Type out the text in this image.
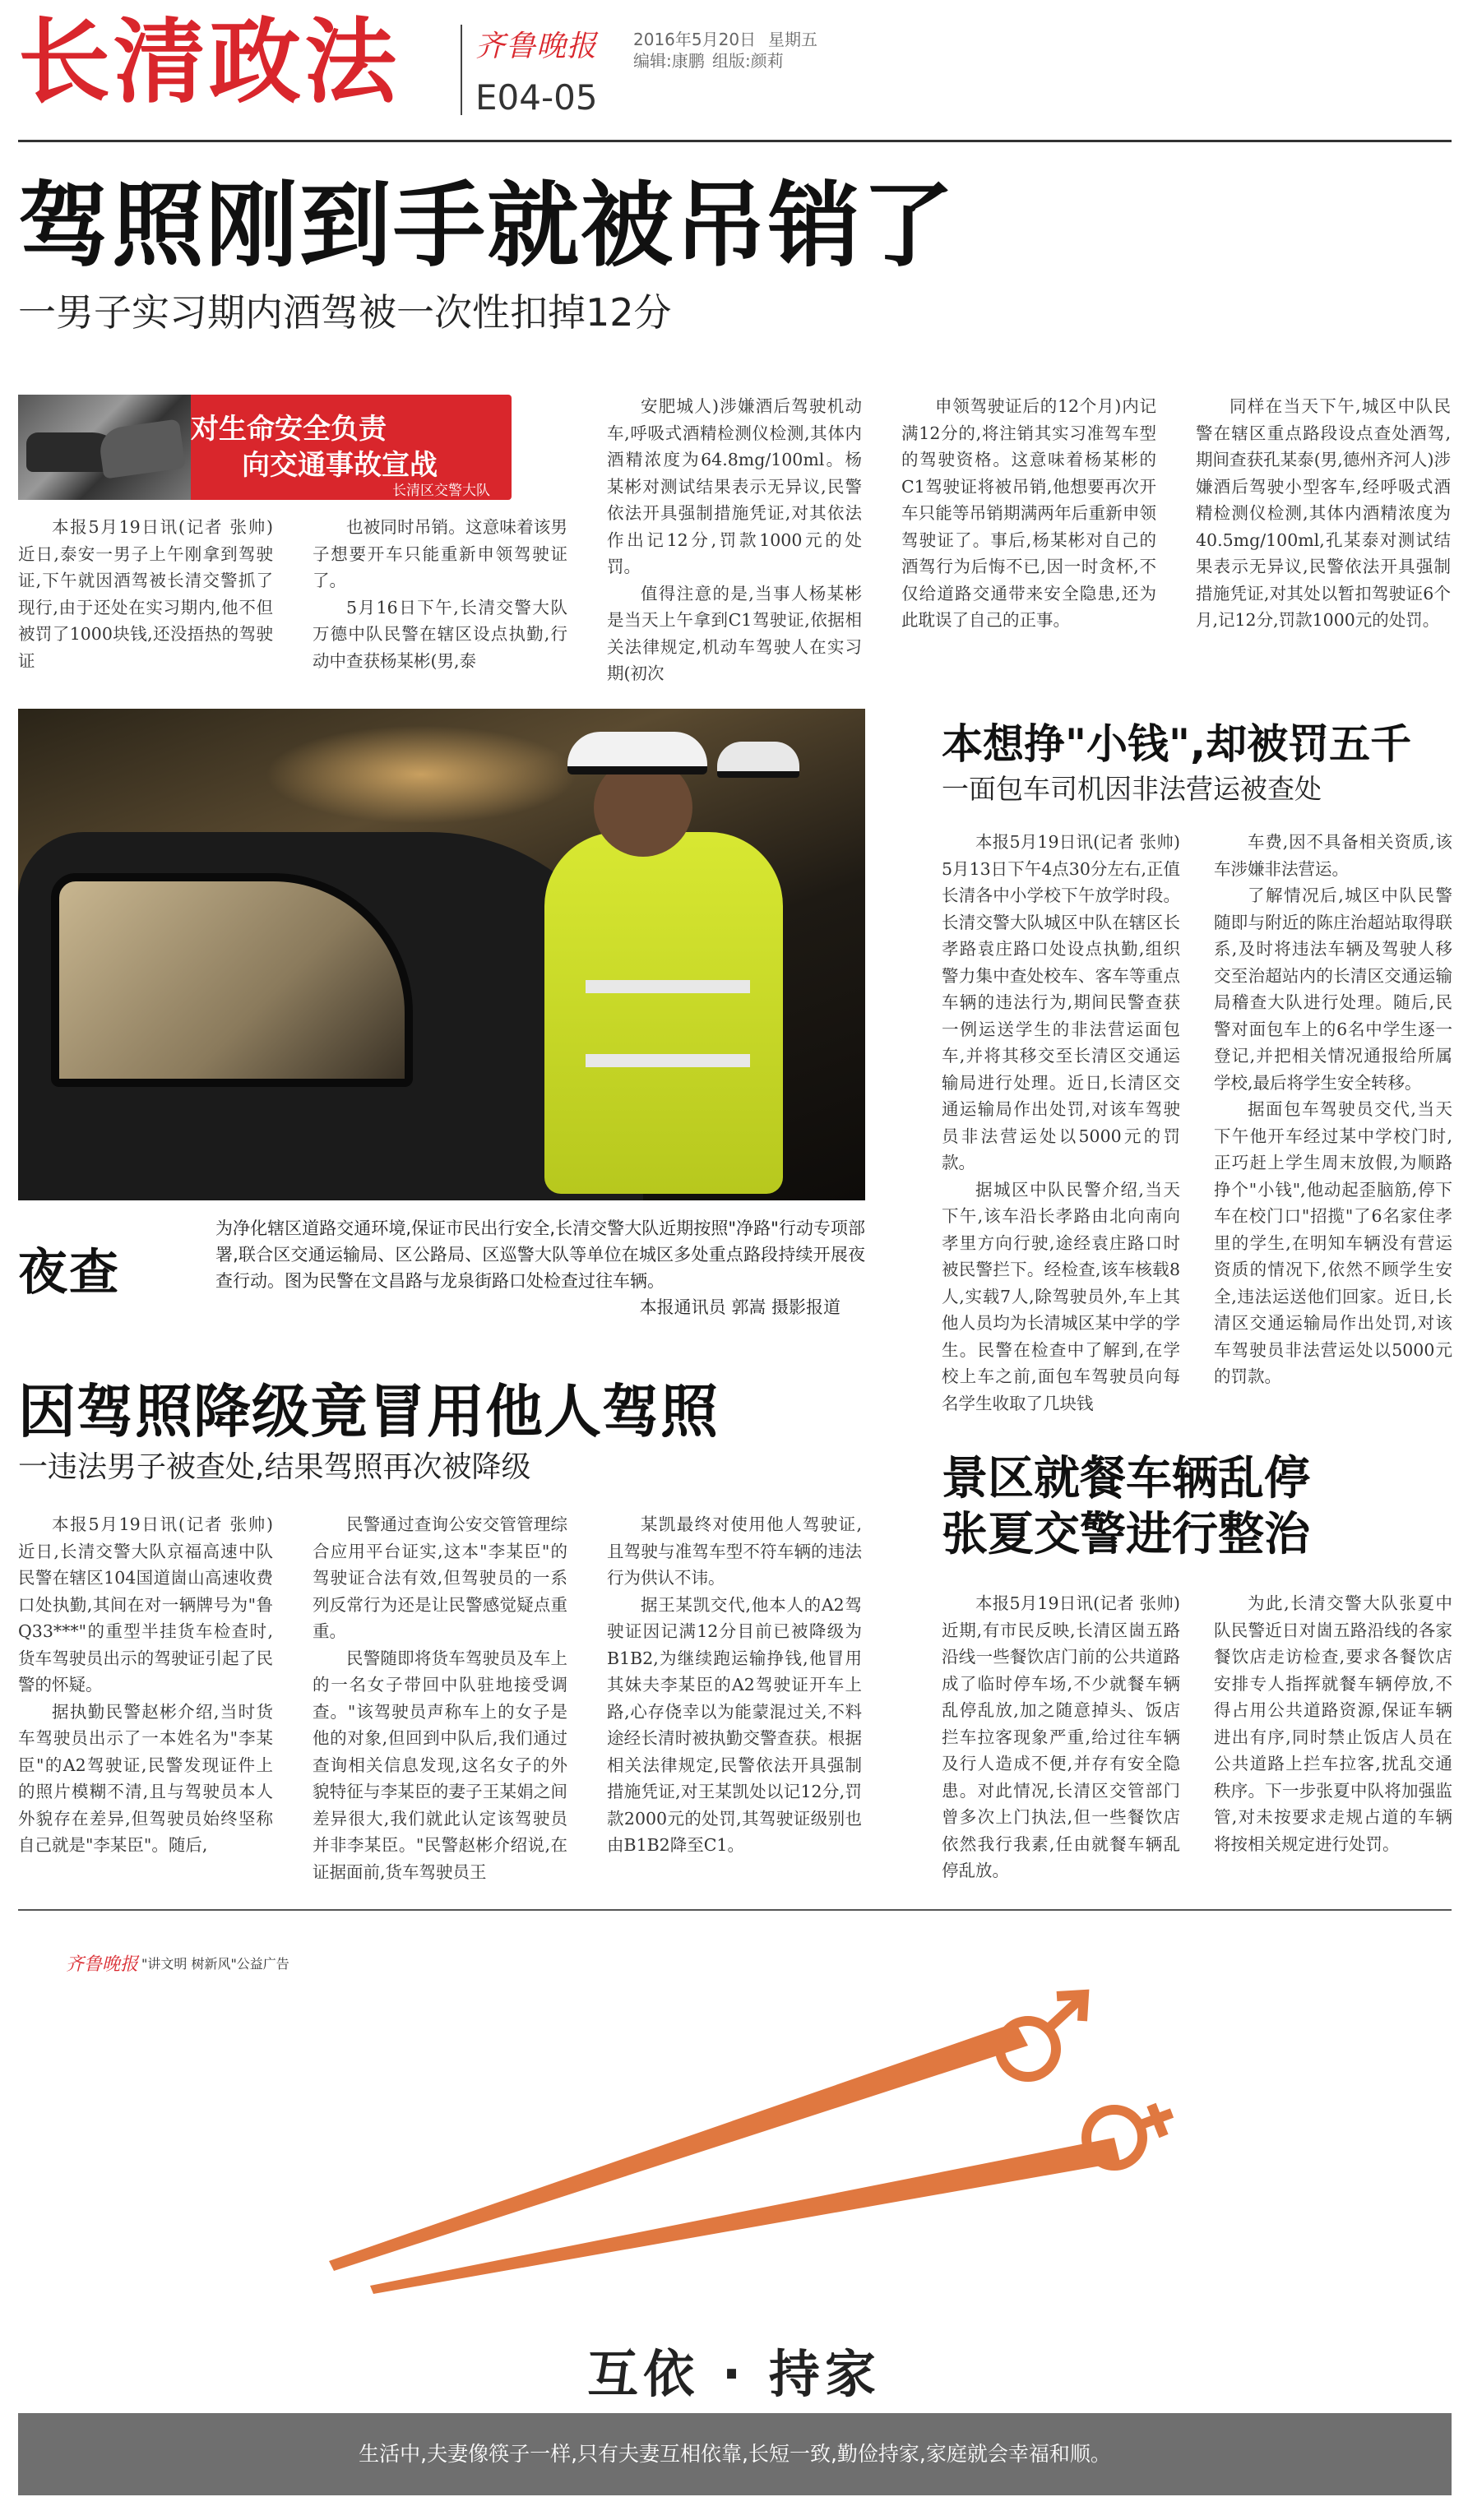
长清政法	齐鲁晚报 2016年5月20日 星期五
编辑:康鹏 组版:颜莉
E04-05
驾照刚到手就被吊销了
一男子实习期内酒驾被一次性扣掉12分
对生命安全负责
向交通事故宣战
长清区交警大队

本报5月19日讯(记者 张帅) 近日,泰安一男子上午刚拿到驾驶证,下午就因酒驾被长清交警抓了现行,由于还处在实习期内,他不但被罚了1000块钱,还没捂热的驾驶证

也被同时吊销。这意味着该男子想要开车只能重新申领驾驶证了。

5月16日下午,长清交警大队万德中队民警在辖区设点执勤,行动中查获杨某彬(男,泰

安肥城人)涉嫌酒后驾驶机动车,呼吸式酒精检测仪检测,其体内酒精浓度为64.8mg/100ml。杨某彬对测试结果表示无异议,民警依法开具强制措施凭证,对其依法作出记12分,罚款1000元的处罚。

值得注意的是,当事人杨某彬是当天上午拿到C1驾驶证,依据相关法律规定,机动车驾驶人在实习期(初次

申领驾驶证后的12个月)内记满12分的,将注销其实习准驾车型的驾驶资格。这意味着杨某彬的C1驾驶证将被吊销,他想要再次开车只能等吊销期满两年后重新申领驾驶证了。事后,杨某彬对自己的酒驾行为后悔不已,因一时贪杯,不仅给道路交通带来安全隐患,还为此耽误了自己的正事。

同样在当天下午,城区中队民警在辖区重点路段设点查处酒驾,期间查获孔某泰(男,德州齐河人)涉嫌酒后驾驶小型客车,经呼吸式酒精检测仪检测,其体内酒精浓度为40.5mg/100ml,孔某泰对测试结果表示无异议,民警依法开具强制措施凭证,对其处以暂扣驾驶证6个月,记12分,罚款1000元的处罚。

夜查
为净化辖区道路交通环境,保证市民出行安全,长清交警大队近期按照"净路"行动专项部署,联合区交通运输局、区公路局、区巡警大队等单位在城区多处重点路段持续开展夜查行动。图为民警在文昌路与龙泉街路口处检查过往车辆。
本报通讯员 郭嵩 摄影报道
本想挣"小钱",却被罚五千
一面包车司机因非法营运被查处

本报5月19日讯(记者 张帅) 5月13日下午4点30分左右,正值长清各中小学校下午放学时段。长清交警大队城区中队在辖区长孝路袁庄路口处设点执勤,组织警力集中查处校车、客车等重点车辆的违法行为,期间民警查获一例运送学生的非法营运面包车,并将其移交至长清区交通运输局进行处理。近日,长清区交通运输局作出处罚,对该车驾驶员非法营运处以5000元的罚款。

据城区中队民警介绍,当天下午,该车沿长孝路由北向南向孝里方向行驶,途经袁庄路口时被民警拦下。经检查,该车核载8人,实载7人,除驾驶员外,车上其他人员均为长清城区某中学的学生。民警在检查中了解到,在学校上车之前,面包车驾驶员向每名学生收取了几块钱

车费,因不具备相关资质,该车涉嫌非法营运。

了解情况后,城区中队民警随即与附近的陈庄治超站取得联系,及时将违法车辆及驾驶人移交至治超站内的长清区交通运输局稽查大队进行处理。随后,民警对面包车上的6名中学生逐一登记,并把相关情况通报给所属学校,最后将学生安全转移。

据面包车驾驶员交代,当天下午他开车经过某中学校门时,正巧赶上学生周末放假,为顺路挣个"小钱",他动起歪脑筋,停下车在校门口"招揽"了6名家住孝里的学生,在明知车辆没有营运资质的情况下,依然不顾学生安全,违法运送他们回家。近日,长清区交通运输局作出处罚,对该车驾驶员非法营运处以5000元的罚款。

因驾照降级竟冒用他人驾照
一违法男子被查处,结果驾照再次被降级

本报5月19日讯(记者 张帅) 近日,长清交警大队京福高速中队民警在辖区104国道崮山高速收费口处执勤,其间在对一辆牌号为"鲁Q33***"的重型半挂货车检查时,货车驾驶员出示的驾驶证引起了民警的怀疑。

据执勤民警赵彬介绍,当时货车驾驶员出示了一本姓名为"李某臣"的A2驾驶证,民警发现证件上的照片模糊不清,且与驾驶员本人外貌存在差异,但驾驶员始终坚称自己就是"李某臣"。随后,

民警通过查询公安交管管理综合应用平台证实,这本"李某臣"的驾驶证合法有效,但驾驶员的一系列反常行为还是让民警感觉疑点重重。

民警随即将货车驾驶员及车上的一名女子带回中队驻地接受调查。"该驾驶员声称车上的女子是他的对象,但回到中队后,我们通过查询相关信息发现,这名女子的外貌特征与李某臣的妻子王某娟之间差异很大,我们就此认定该驾驶员并非李某臣。"民警赵彬介绍说,在证据面前,货车驾驶员王

某凯最终对使用他人驾驶证,且驾驶与准驾车型不符车辆的违法行为供认不讳。

据王某凯交代,他本人的A2驾驶证因记满12分目前已被降级为B1B2,为继续跑运输挣钱,他冒用其妹夫李某臣的A2驾驶证开车上路,心存侥幸以为能蒙混过关,不料途经长清时被执勤交警查获。根据相关法律规定,民警依法开具强制措施凭证,对王某凯处以记12分,罚款2000元的处罚,其驾驶证级别也由B1B2降至C1。

景区就餐车辆乱停
张夏交警进行整治

本报5月19日讯(记者 张帅) 近期,有市民反映,长清区崮五路沿线一些餐饮店门前的公共道路成了临时停车场,不少就餐车辆乱停乱放,加之随意掉头、饭店拦车拉客现象严重,给过往车辆及行人造成不便,并存有安全隐患。对此情况,长清区交管部门曾多次上门执法,但一些餐饮店依然我行我素,任由就餐车辆乱停乱放。

为此,长清交警大队张夏中队民警近日对崮五路沿线的各家餐饮店走访检查,要求各餐饮店安排专人指挥就餐车辆停放,不得占用公共道路资源,保证车辆进出有序,同时禁止饭店人员在公共道路上拦车拉客,扰乱交通秩序。下一步张夏中队将加强监管,对未按要求走规占道的车辆将按相关规定进行处罚。

齐鲁晚报 "讲文明 树新风"公益广告
互依 · 持家
生活中,夫妻像筷子一样,只有夫妻互相依靠,长短一致,勤俭持家,家庭就会幸福和顺。
